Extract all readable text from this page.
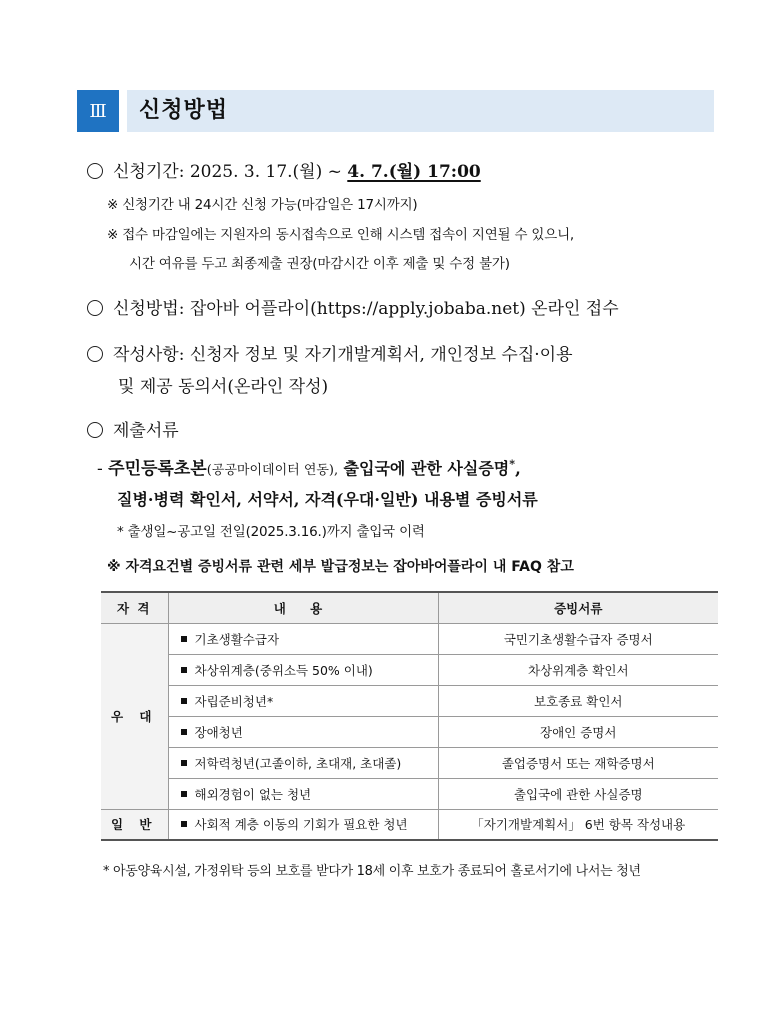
Ⅲ	신청방법
신청기간: 2025. 3. 17.(월) ~ 4. 7.(월) 17:00
※ 신청기간 내 24시간 신청 가능(마감일은 17시까지)
※ 접수 마감일에는 지원자의 동시접속으로 인해 시스템 접속이 지연될 수 있으니,
시간 여유를 두고 최종제출 권장(마감시간 이후 제출 및 수정 불가)
신청방법: 잡아바 어플라이(https://apply.jobaba.net) 온라인 접수
작성사항: 신청자 정보 및 자기개발계획서, 개인정보 수집·이용
및 제공 동의서(온라인 작성)
제출서류
- 주민등록초본(공공마이데이터 연동), 출입국에 관한 사실증명*,
질병·병력 확인서, 서약서, 자격(우대·일반) 내용별 증빙서류
* 출생일~공고일 전일(2025.3.16.)까지 출입국 이력
※ 자격요건별 증빙서류 관련 세부 발급정보는 잡아바어플라이 내 FAQ 참고
자 격	내 용	증빙서류
우 대	기초생활수급자	국민기초생활수급자 증명서
	차상위계층(중위소득 50% 이내)	차상위계층 확인서
	자립준비청년*	보호종료 확인서
	장애청년	장애인 증명서
	저학력청년(고졸이하, 초대재, 초대졸)	졸업증명서 또는 재학증명서
	해외경험이 없는 청년	출입국에 관한 사실증명
일 반	사회적 계층 이동의 기회가 필요한 청년	「자기개발계획서」 6번 항목 작성내용
* 아동양육시설, 가정위탁 등의 보호를 받다가 18세 이후 보호가 종료되어 홀로서기에 나서는 청년
